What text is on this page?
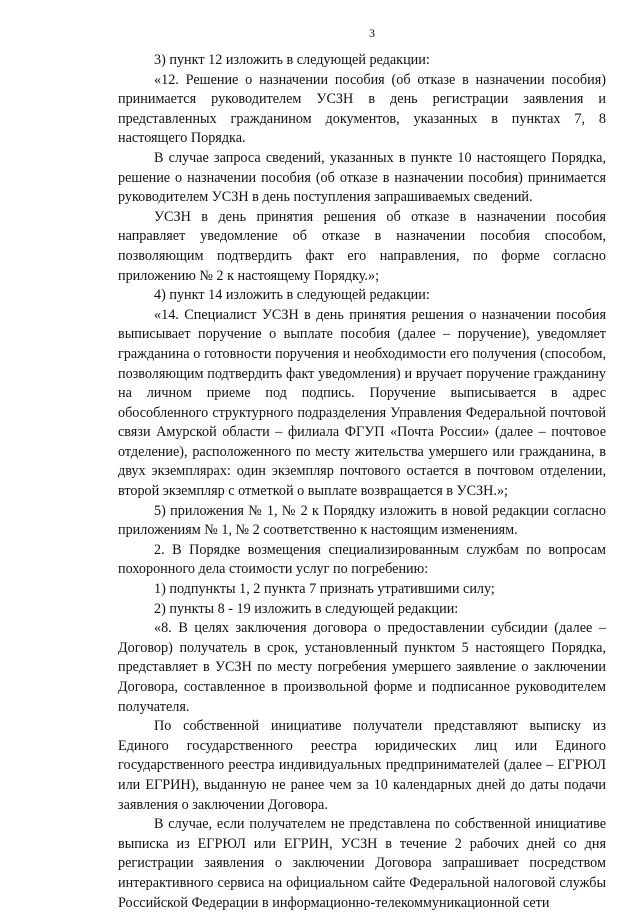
3

3) пункт 12 изложить в следующей редакции:

«12. Решение о назначении пособия (об отказе в назначении пособия) принимается руководителем УСЗН в день регистрации заявления и представленных гражданином документов, указанных в пунктах 7, 8 настоящего Порядка.

В случае запроса сведений, указанных в пункте 10 настоящего Порядка, решение о назначении пособия (об отказе в назначении пособия) принимается руководителем УСЗН в день поступления запрашиваемых сведений.

УСЗН в день принятия решения об отказе в назначении пособия направляет уведомление об отказе в назначении пособия способом, позволяющим подтвердить факт его направления, по форме согласно приложению № 2 к настоящему Порядку.»;

4) пункт 14 изложить в следующей редакции:

«14. Специалист УСЗН в день принятия решения о назначении пособия выписывает поручение о выплате пособия (далее – поручение), уведомляет гражданина о готовности поручения и необходимости его получения (способом, позволяющим подтвердить факт уведомления) и вручает поручение гражданину на личном приеме под подпись. Поручение выписывается в адрес обособленного структурного подразделения Управления Федеральной почтовой связи Амурской области – филиала ФГУП «Почта России» (далее – почтовое отделение), расположенного по месту жительства умершего или гражданина, в двух экземплярах: один экземпляр почтового остается в почтовом отделении, второй экземпляр с отметкой о выплате возвращается в УСЗН.»;

5) приложения № 1, № 2 к Порядку изложить в новой редакции согласно приложениям № 1, № 2 соответственно к настоящим изменениям.

2. В Порядке возмещения специализированным службам по вопросам похоронного дела стоимости услуг по погребению:

1) подпункты 1, 2 пункта 7 признать утратившими силу;

2) пункты 8 - 19 изложить в следующей редакции:

«8. В целях заключения договора о предоставлении субсидии (далее – Договор) получатель в срок, установленный пунктом 5 настоящего Порядка, представляет в УСЗН по месту погребения умершего заявление о заключении Договора, составленное в произвольной форме и подписанное руководителем получателя.

По собственной инициативе получатели представляют выписку из Единого государственного реестра юридических лиц или Единого государственного реестра индивидуальных предпринимателей (далее – ЕГРЮЛ или ЕГРИН), выданную не ранее чем за 10 календарных дней до даты подачи заявления о заключении Договора.

В случае, если получателем не представлена по собственной инициативе выписка из ЕГРЮЛ или ЕГРИН, УСЗН в течение 2 рабочих дней со дня регистрации заявления о заключении Договора запрашивает посредством интерактивного сервиса на официальном сайте Федеральной налоговой службы Российской Федерации в информационно-телекоммуникационной сети
